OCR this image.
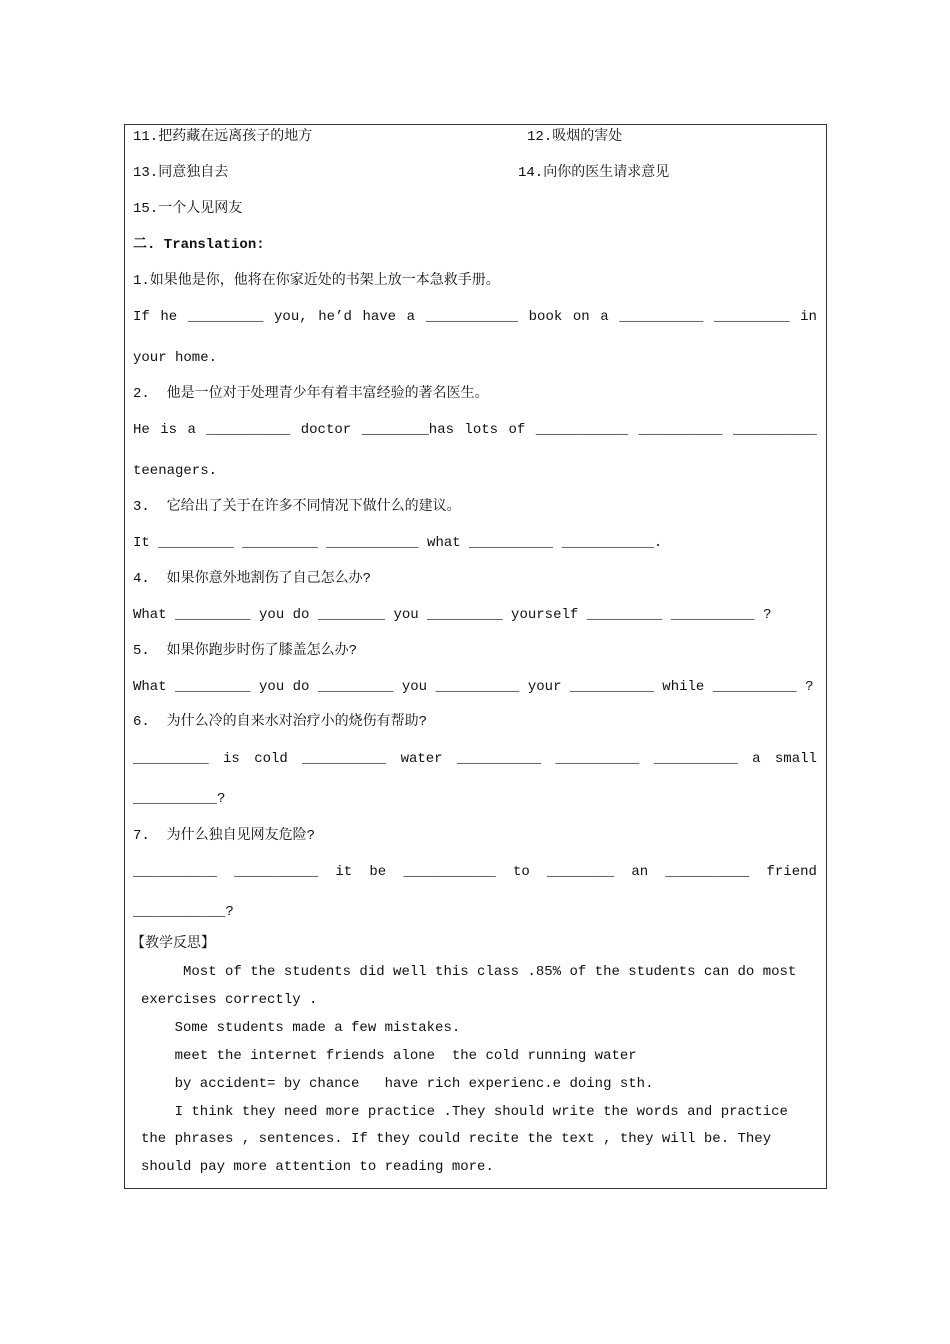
11.把药藏在远离孩子的地方	12.吸烟的害处
13.同意独自去	14.向你的医生请求意见
15.一个人见网友
二. Translation:
1.如果他是你，他将在你家近处的书架上放一本急救手册。
If he _________ you, he’d have a ___________ book on a __________ _________ in
your home.
2.  他是一位对于处理青少年有着丰富经验的著名医生。
He is a __________ doctor ________has lots of ___________ __________ __________
teenagers.
3.  它给出了关于在许多不同情况下做什么的建议。
It _________ _________ ___________ what __________ ___________.
4.  如果你意外地割伤了自己怎么办?
What _________ you do ________ you _________ yourself _________ __________ ?
5.  如果你跑步时伤了膝盖怎么办?
What _________ you do _________ you __________ your __________ while __________ ?
6.  为什么冷的自来水对治疗小的烧伤有帮助?
_________ is cold __________ water __________ __________ __________ a small
__________?
7.  为什么独自见网友危险?
__________ __________ it be ___________ to ________ an __________ friend
___________?
【教学反思】
Most of the students did well this class .85% of the students can do most
exercises correctly .
Some students made a few mistakes.
meet the internet friends alone  the cold running water
by accident= by chance   have rich experienc.e doing sth.
I think they need more practice .They should write the words and practice
the phrases , sentences. If they could recite the text , they will be. They
should pay more attention to reading more.
